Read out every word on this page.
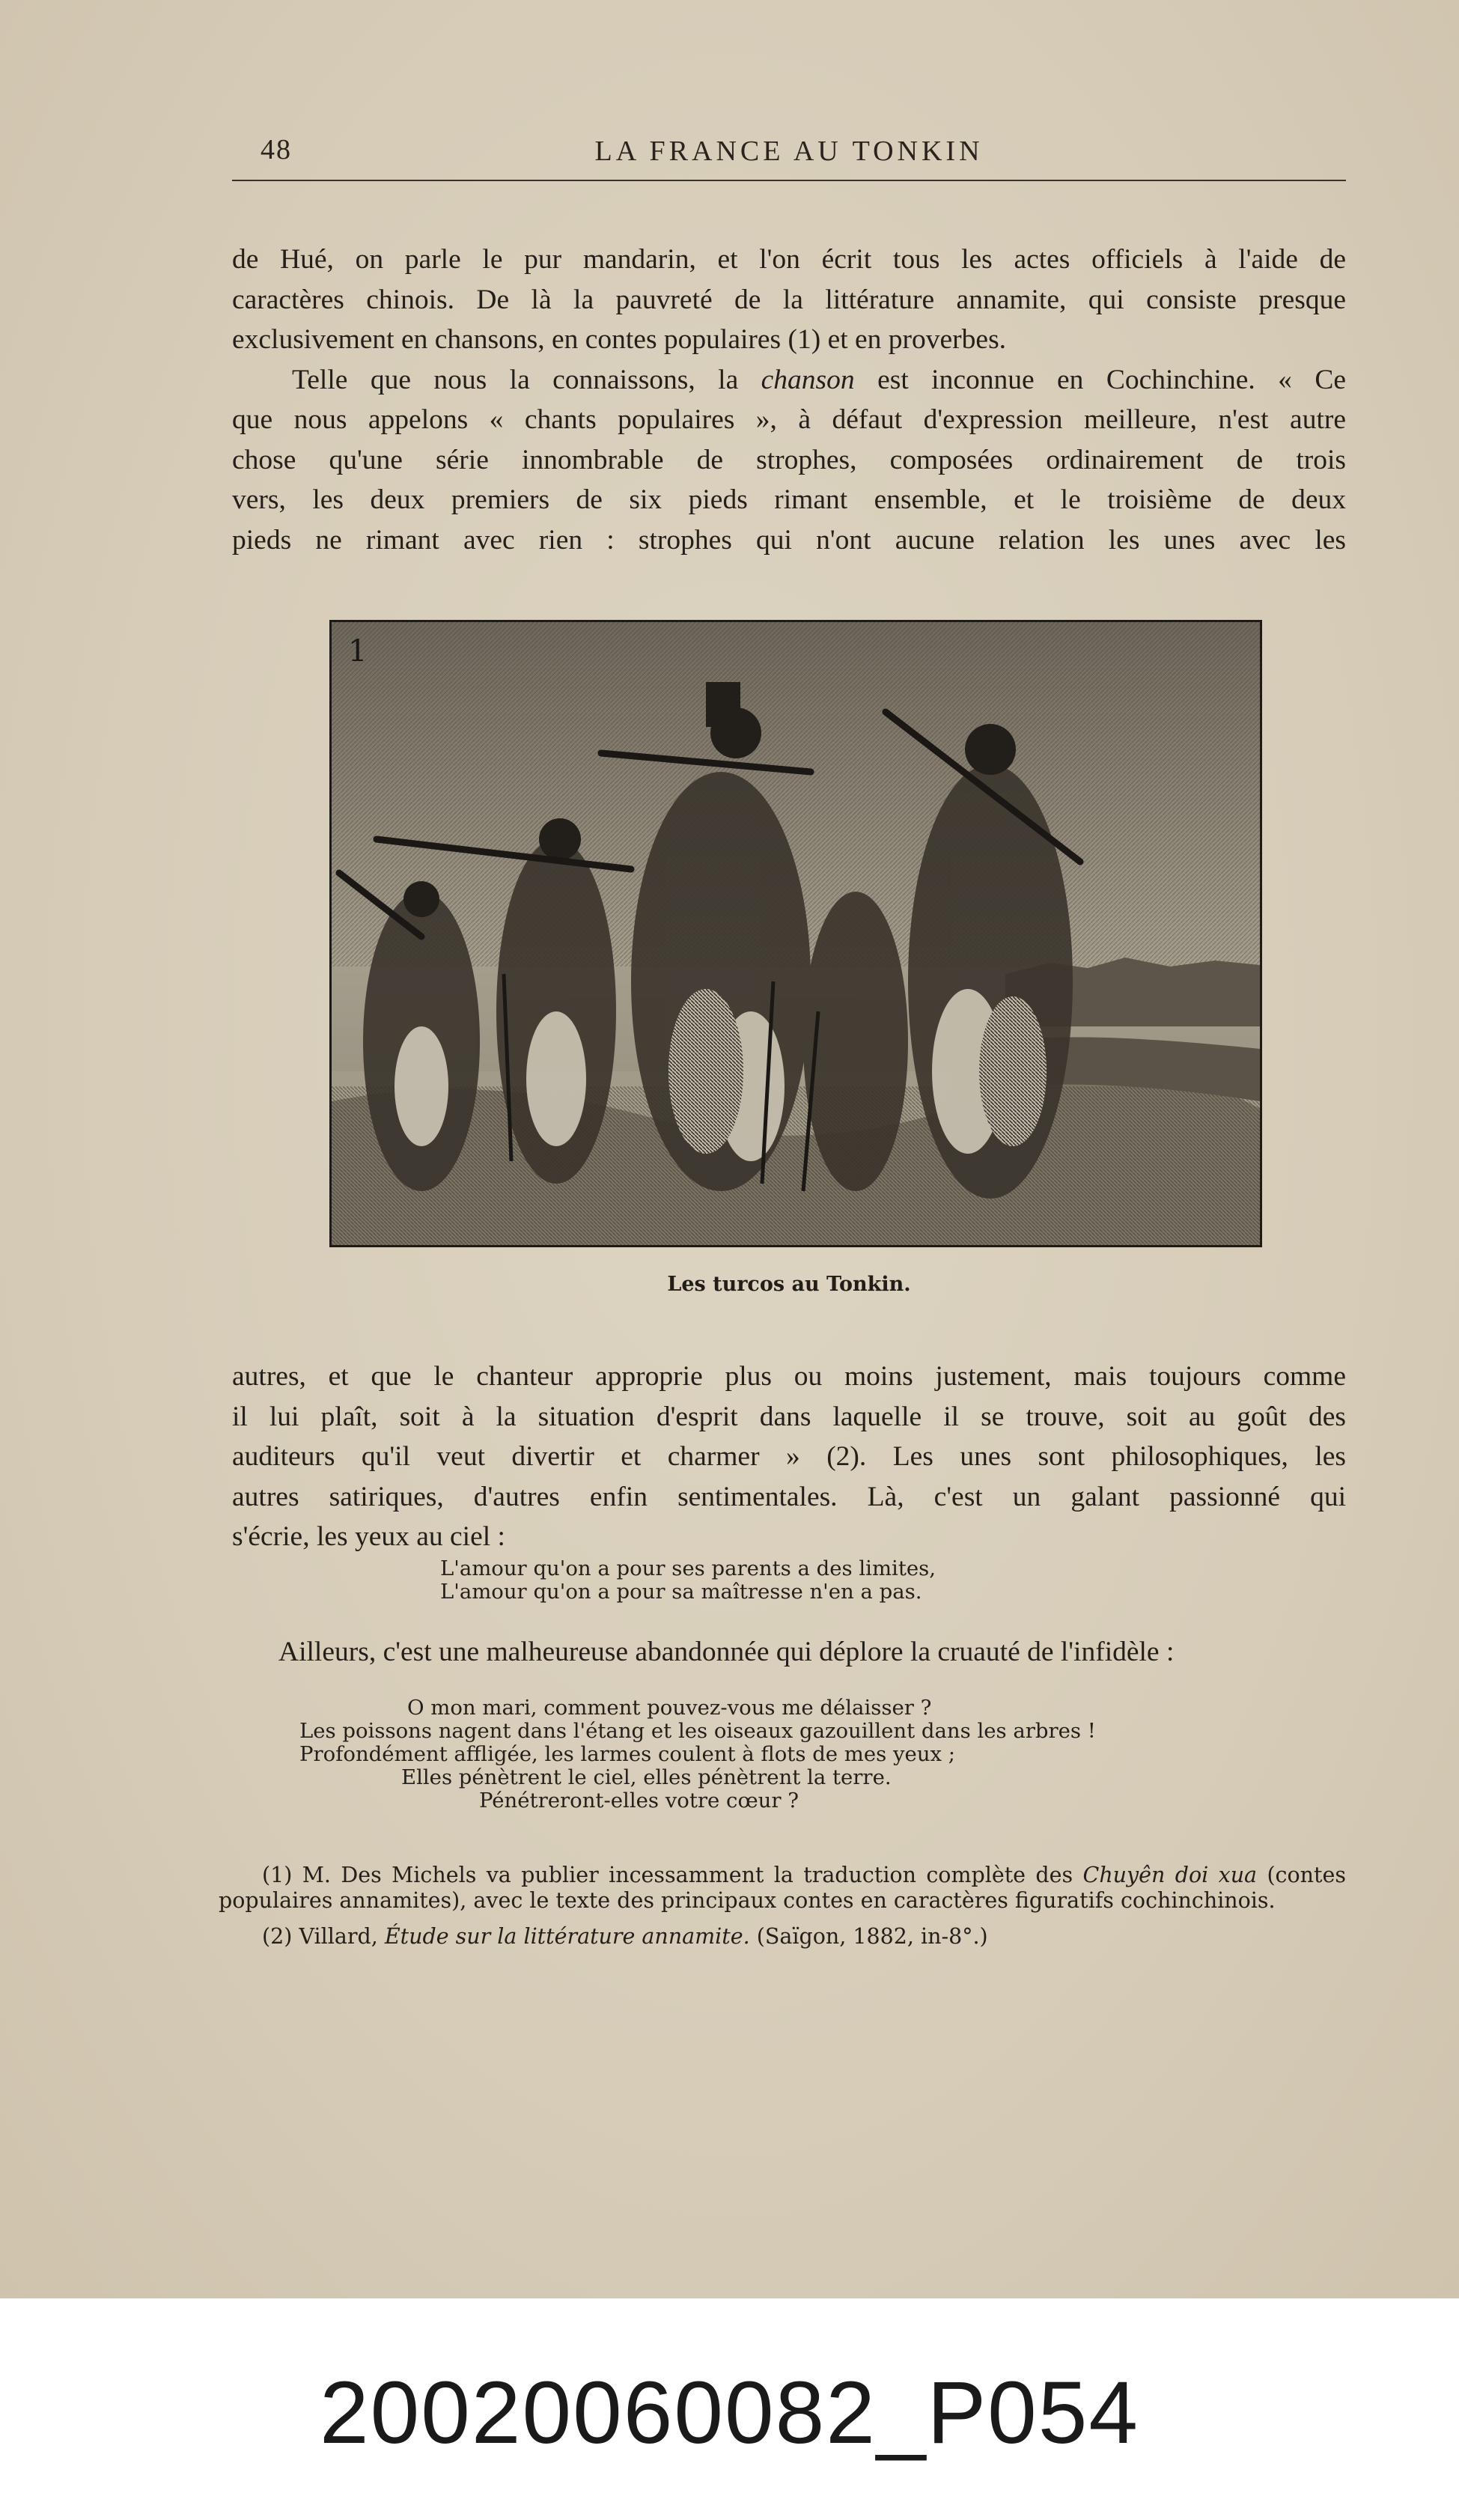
48	LA FRANCE AU TONKIN

de Hué, on parle le pur mandarin, et l'on écrit tous les actes officiels à l'aide de

caractères chinois. De là la pauvreté de la littérature annamite, qui consiste presque

exclusivement en chansons, en contes populaires (1) et en proverbes.

Telle que nous la connaissons, la chanson est inconnue en Cochinchine. « Ce

que nous appelons « chants populaires », à défaut d'expression meilleure, n'est autre

chose qu'une série innombrable de strophes, composées ordinairement de trois

vers, les deux premiers de six pieds rimant ensemble, et le troisième de deux

pieds ne rimant avec rien : strophes qui n'ont aucune relation les unes avec les

1
Les turcos au Tonkin.

autres, et que le chanteur approprie plus ou moins justement, mais toujours comme

il lui plaît, soit à la situation d'esprit dans laquelle il se trouve, soit au goût des

auditeurs qu'il veut divertir et charmer » (2). Les unes sont philosophiques, les

autres satiriques, d'autres enfin sentimentales. Là, c'est un galant passionné qui

s'écrie, les yeux au ciel :

L'amour qu'on a pour ses parents a des limites,
L'amour qu'on a pour sa maîtresse n'en a pas.
Ailleurs, c'est une malheureuse abandonnée qui déplore la cruauté de l'infidèle :
O mon mari, comment pouvez-vous me délaisser ?
Les poissons nagent dans l'étang et les oiseaux gazouillent dans les arbres !
Profondément affligée, les larmes coulent à flots de mes yeux ;
Elles pénètrent le ciel, elles pénètrent la terre.
Pénétreront-elles votre cœur ?

(1) M. Des Michels va publier incessamment la traduction complète des Chuyên doi xua (contes populaires annamites), avec le texte des principaux contes en caractères figuratifs cochinchinois.

(2) Villard, Étude sur la littérature annamite. (Saïgon, 1882, in-8°.)

20020060082_P054
